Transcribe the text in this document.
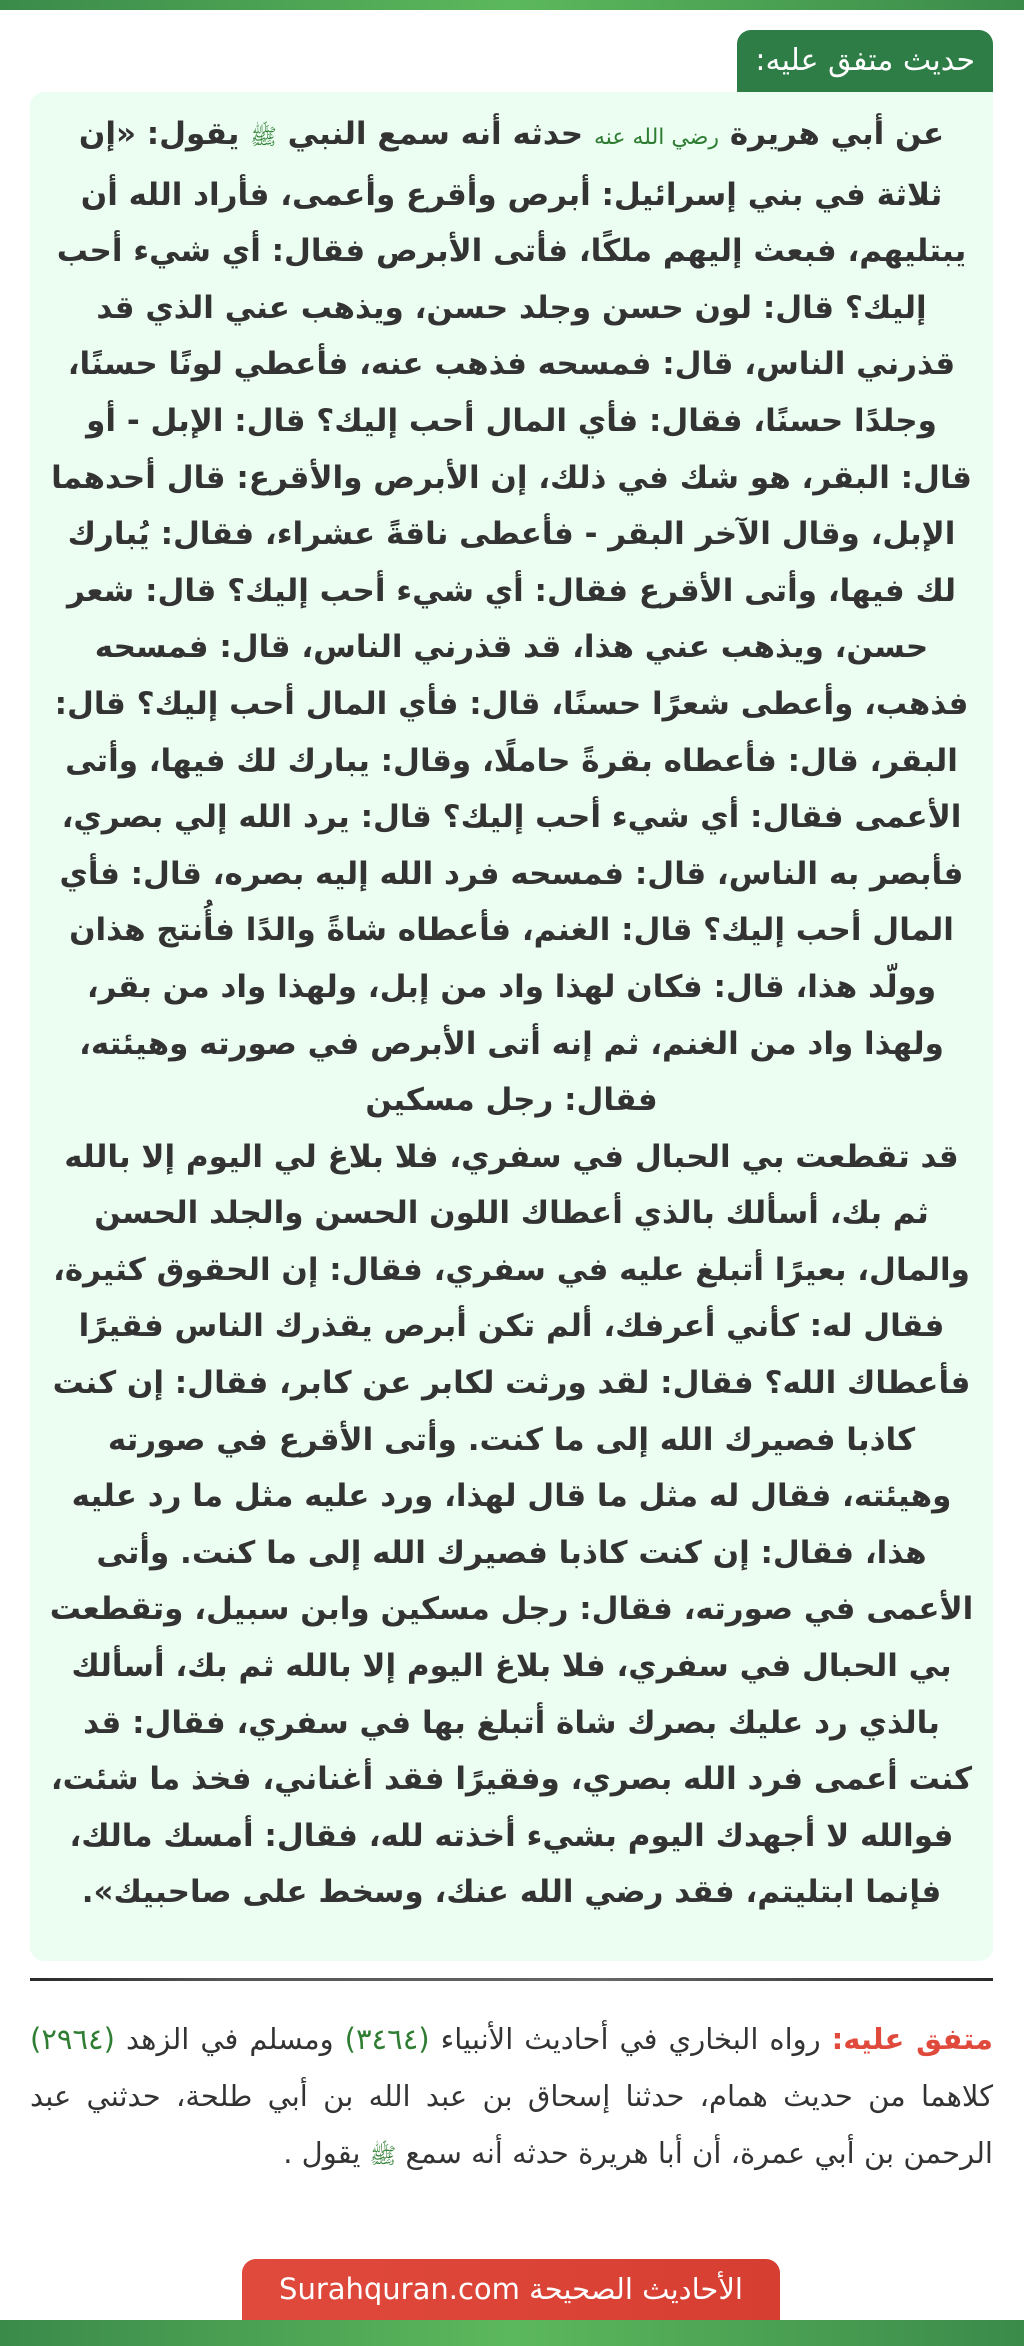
حديث متفق عليه:

عن أبي هريرة رضي الله عنه حدثه أنه سمع النبي ﷺ يقول: «إن ثلاثة في بني إسرائيل: أبرص وأقرع وأعمى، فأراد الله أن يبتليهم، فبعث إليهم ملكًا، فأتى الأبرص فقال: أي شيء أحب إليك؟ قال: لون حسن وجلد حسن، ويذهب عني الذي قد قذرني الناس، قال: فمسحه فذهب عنه، فأعطي لونًا حسنًا، وجلدًا حسنًا، فقال: فأي المال أحب إليك؟ قال: الإبل - أو قال: البقر، هو شك في ذلك، إن الأبرص والأقرع: قال أحدهما الإبل، وقال الآخر البقر - فأعطى ناقةً عشراء، فقال: يُبارك لك فيها، وأتى الأقرع فقال: أي شيء أحب إليك؟ قال: شعر حسن، ويذهب عني هذا، قد قذرني الناس، قال: فمسحه فذهب، وأعطى شعرًا حسنًا، قال: فأي المال أحب إليك؟ قال: البقر، قال: فأعطاه بقرةً حاملًا، وقال: يبارك لك فيها، وأتى الأعمى فقال: أي شيء أحب إليك؟ قال: يرد الله إلي بصري، فأبصر به الناس، قال: فمسحه فرد الله إليه بصره، قال: فأي المال أحب إليك؟ قال: الغنم، فأعطاه شاةً والدًا فأُنتج هذان وولّد هذا، قال: فكان لهذا واد من إبل، ولهذا واد من بقر، ولهذا واد من الغنم، ثم إنه أتى الأبرص في صورته وهيئته، فقال: رجل مسكين
قد تقطعت بي الحبال في سفري، فلا بلاغ لي اليوم إلا بالله ثم بك، أسألك بالذي أعطاك اللون الحسن والجلد الحسن والمال، بعيرًا أتبلغ عليه في سفري، فقال: إن الحقوق كثيرة، فقال له: كأني أعرفك، ألم تكن أبرص يقذرك الناس فقيرًا فأعطاك الله؟ فقال: لقد ورثت لكابر عن كابر، فقال: إن كنت كاذبا فصيرك الله إلى ما كنت. وأتى الأقرع في صورته وهيئته، فقال له مثل ما قال لهذا، ورد عليه مثل ما رد عليه هذا، فقال: إن كنت كاذبا فصيرك الله إلى ما كنت. وأتى الأعمى في صورته، فقال: رجل مسكين وابن سبيل، وتقطعت بي الحبال في سفري، فلا بلاغ اليوم إلا بالله ثم بك، أسألك بالذي رد عليك بصرك شاة أتبلغ بها في سفري، فقال: قد كنت أعمى فرد الله بصري، وفقيرًا فقد أغناني، فخذ ما شئت، فوالله لا أجهدك اليوم بشيء أخذته لله، فقال: أمسك مالك، فإنما ابتليتم، فقد رضي الله عنك، وسخط على صاحبيك».

متفق عليه: رواه البخاري في أحاديث الأنبياء (٣٤٦٤) ومسلم في الزهد (٢٩٦٤) كلاهما من حديث همام، حدثنا إسحاق بن عبد الله بن أبي طلحة، حدثني عبد الرحمن بن أبي عمرة، أن أبا هريرة حدثه أنه سمع ﷺ يقول .

الأحاديث الصحيحة Surahquran.com
